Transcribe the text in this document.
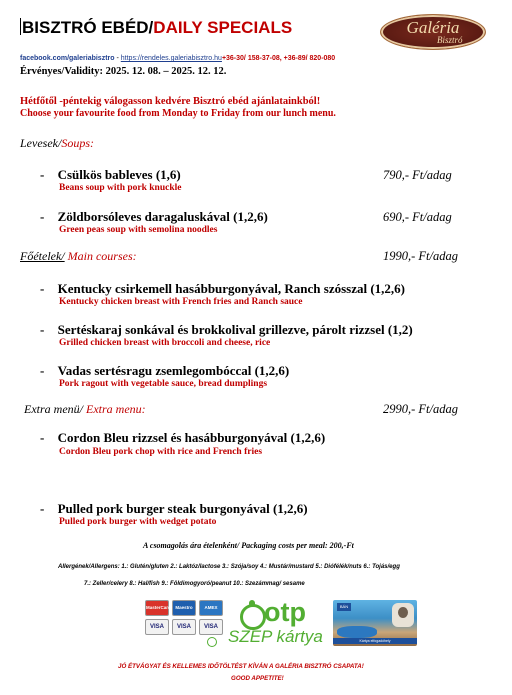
BISZTRÓ EBÉD/DAILY SPECIALS	Galéria
Bisztró
facebook.com/galeriabisztro - https://rendeles.galeriabisztro.hu+36-30/ 158-37-08, +36-89/ 820-080
Érvényes/Validity: 2025. 12. 08. – 2025. 12. 12.
Hétfőtől -péntekig válogasson kedvére Bisztró ebéd ajánlatainkból!
Choose your favourite food from Monday to Friday from our lunch menu.
Levesek/Soups:
- Csülkös bableves (1,6)	790,- Ft/adag
Beans soup with pork knuckle
- Zöldborsóleves daragaluskával (1,2,6)	690,- Ft/adag
Green peas soup with semolina noodles
Főételek/ Main courses:	1990,- Ft/adag
- Kentucky csirkemell hasábburgonyával, Ranch szósszal (1,2,6)
Kentucky chicken breast with French fries and Ranch sauce
- Sertéskaraj sonkával és brokkolival grillezve, párolt rizzsel (1,2)
Grilled chicken breast with broccoli and cheese, rice
- Vadas sertésragu zsemlegombóccal (1,2,6)
Pork ragout with vegetable sauce, bread dumplings
Extra menü/ Extra menu:	2990,- Ft/adag
- Cordon Bleu rizzsel és hasábburgonyával (1,2,6)
Cordon Bleu pork chop with rice and French fries
- Pulled pork burger steak burgonyával (1,2,6)
Pulled pork burger with wedget potato
A csomagolás ára ételenként/ Packaging costs per meal: 200,-Ft
Allergének/Allergens: 1.: Glutén/gluten 2.: Laktóz/lactose 3.: Szója/soy 4.: Mustár/mustard 5.: Diófélék/nuts 6.: Tojás/egg
7.: Zeller/celery 8.: Hal/fish 9.: Földimogyoró/peanut 10.: Szezámmag/ sesame
MasterCard	Maestro	AMEX
VISA	VISA	VISA otp
SZÉP kártya
BÁN
Kártya elfogadóhely
JÓ ÉTVÁGYAT ÉS KELLEMES IDŐTÖLTÉST KÍVÁN A GALÉRIA BISZTRÓ CSAPATA!
GOOD APPETITE!
